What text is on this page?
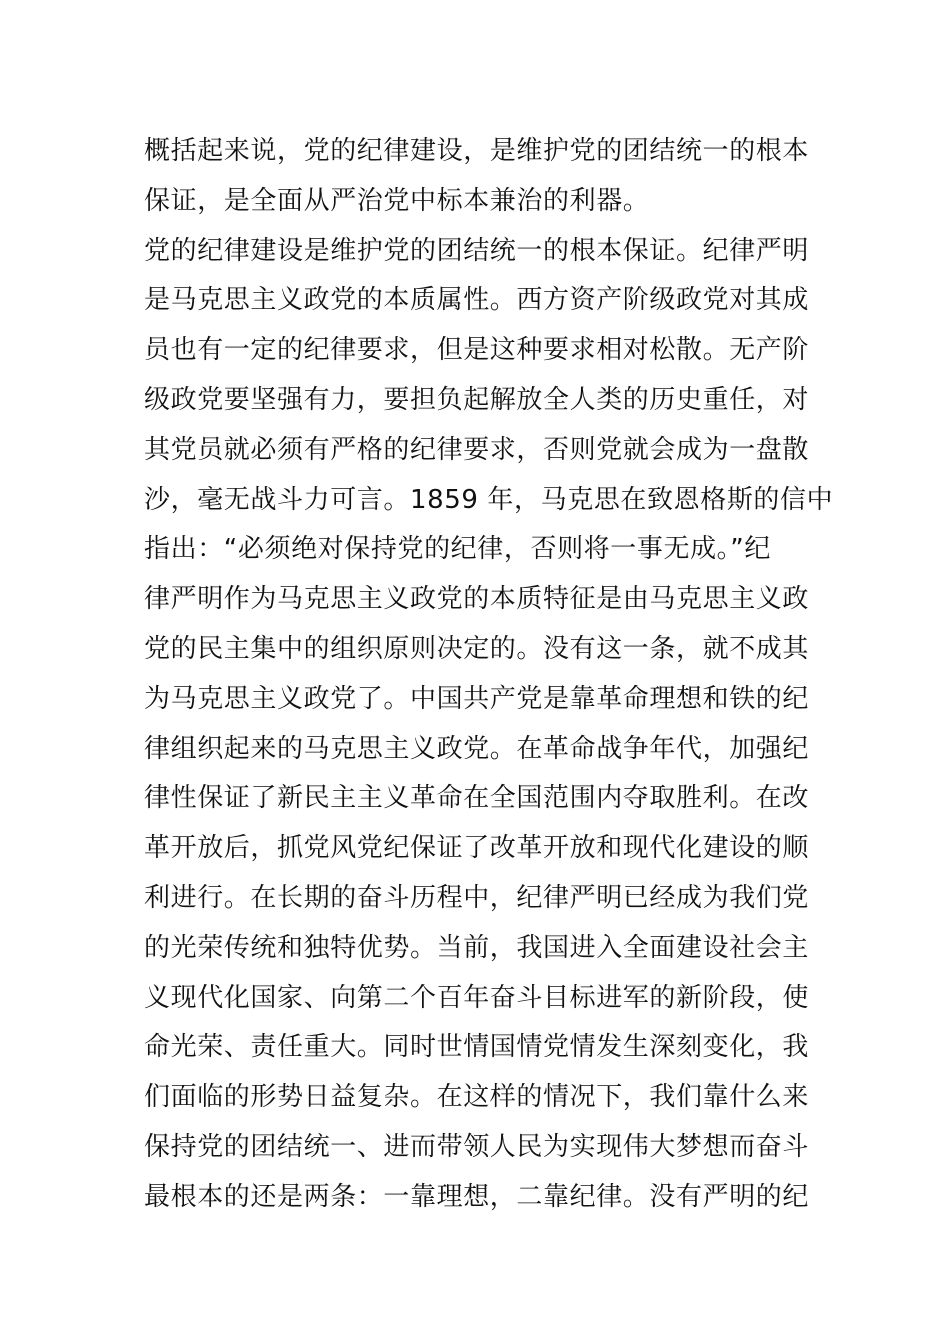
概括起来说，党的纪律建设，是维护党的团结统一的根本
保证，是全面从严治党中标本兼治的利器。
党的纪律建设是维护党的团结统一的根本保证。纪律严明
是马克思主义政党的本质属性。西方资产阶级政党对其成
员也有一定的纪律要求，但是这种要求相对松散。无产阶
级政党要坚强有力，要担负起解放全人类的历史重任，对
其党员就必须有严格的纪律要求，否则党就会成为一盘散
沙，毫无战斗力可言。1859 年，马克思在致恩格斯的信中
指出：“必须绝对保持党的纪律，否则将一事无成。”纪
律严明作为马克思主义政党的本质特征是由马克思主义政
党的民主集中的组织原则决定的。没有这一条，就不成其
为马克思主义政党了。中国共产党是靠革命理想和铁的纪
律组织起来的马克思主义政党。在革命战争年代，加强纪
律性保证了新民主主义革命在全国范围内夺取胜利。在改
革开放后，抓党风党纪保证了改革开放和现代化建设的顺
利进行。在长期的奋斗历程中，纪律严明已经成为我们党
的光荣传统和独特优势。当前，我国进入全面建设社会主
义现代化国家、向第二个百年奋斗目标进军的新阶段，使
命光荣、责任重大。同时世情国情党情发生深刻变化，我
们面临的形势日益复杂。在这样的情况下，我们靠什么来
保持党的团结统一、进而带领人民为实现伟大梦想而奋斗
最根本的还是两条：一靠理想，二靠纪律。没有严明的纪
